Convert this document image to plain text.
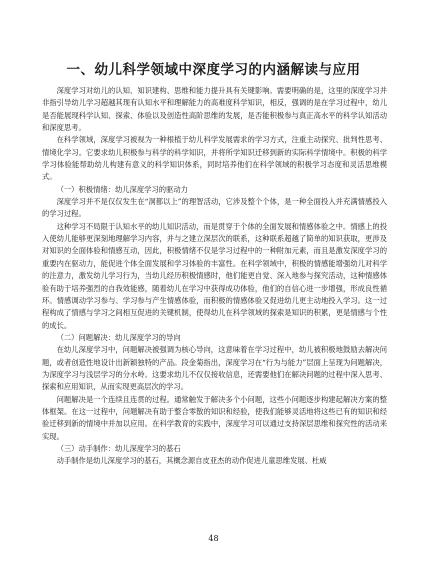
一、幼儿科学领域中深度学习的内涵解读与应用

深度学习对幼儿的认知、知识建构、思维和能力提升具有关键影响。需要明确的是，这里的深度学习并非指引导幼儿学习超越其现有认知水平和理解能力的高难度科学知识，相反，强调的是在学习过程中，幼儿是否能展现科学认知、探索、体验以及创造性高阶思维的发展，是否能积极参与真正高水平的科学认知活动和深度思考。

在科学领域，深度学习被视为一种根植于幼儿科学发展需求的学习方式，注重主动探究、批判性思考、情境化学习。它要求幼儿积极参与科学的科学知识，并将所学知识迁移到新的实际科学情境中。积极的科学学习体验能帮助幼儿构建有意义的科学知识体系，同时培养他们在科学领域的积极学习态度和灵活思维模式。

（一）积极情绪：幼儿深度学习的驱动力

深度学习并不是仅仅发生在“洞都以上”的理智活动，它涉及整个个体，是一种全面投入并充满情感投入的学习过程。

这种学习不局限于认知水平的幼儿知识活动，而是贯穿于个体的全面发展和情感体验之中。情感上的投入使幼儿能够更深刻地理解学习内容，并与之建立深层次的联系，这种联系超越了简单的知识获取，更涉及对知识的全面体验和情感互动，因此，积极情绪不仅是学习过程中的一种附加元素，而且是激发深度学习的重要内在驱动力，能促进个体全面发展和学习体验的丰富性。在科学领域中，积极的情感能增强幼儿对科学的注意力，激发幼儿学习行为，当幼儿经历积极情感时，他们能更自觉、深入地参与探究活动，这种情感体验有助于培养强烈的自我效能感，随着幼儿在学习中获得成功体验，他们的自信心进一步增强，形成良性循环。情感调动学习参与、学习参与产生情感体验，而积极的情感体验又促进幼儿更主动地投入学习。这一过程构成了情感与学习之间相互促进的关键机制，使得幼儿在科学领域的探索是知识的积累，更是情感与个性的成长。

（二）问题解决：幼儿深度学习的导向

在幼儿深度学习中，问题解决被强调为核心导向，这意味着在学习过程中，幼儿被积极地鼓励去解决问题，或者创造性地设计出新颖独特的产品。段金菊指出，深度学习在“行为与能力”层面上呈现为问题解决，为深度学习与浅层学习的分水岭。这要求幼儿不仅仅接收信息，还需要他们在解决问题的过程中深入思考、探索和应用知识，从而实现更高层次的学习。

问题解决是一个连续且连贯的过程。通常触发于解决多个小问题，这些小问题逐步构建起解决方案的整体框架。在这一过程中，问题解决有助于整合零散的知识和经验，使我们能够灵活地将这些已有的知识和经验迁移到新的情境中并加以应用。在科学教育的实践中，深度学习可以通过支持深层思维和探究性的活动来实现。

（三）动手制作：幼儿深度学习的基石

动手制作是幼儿深度学习的基石，其概念源自皮亚杰的动作促进儿童思维发展、杜威

48
